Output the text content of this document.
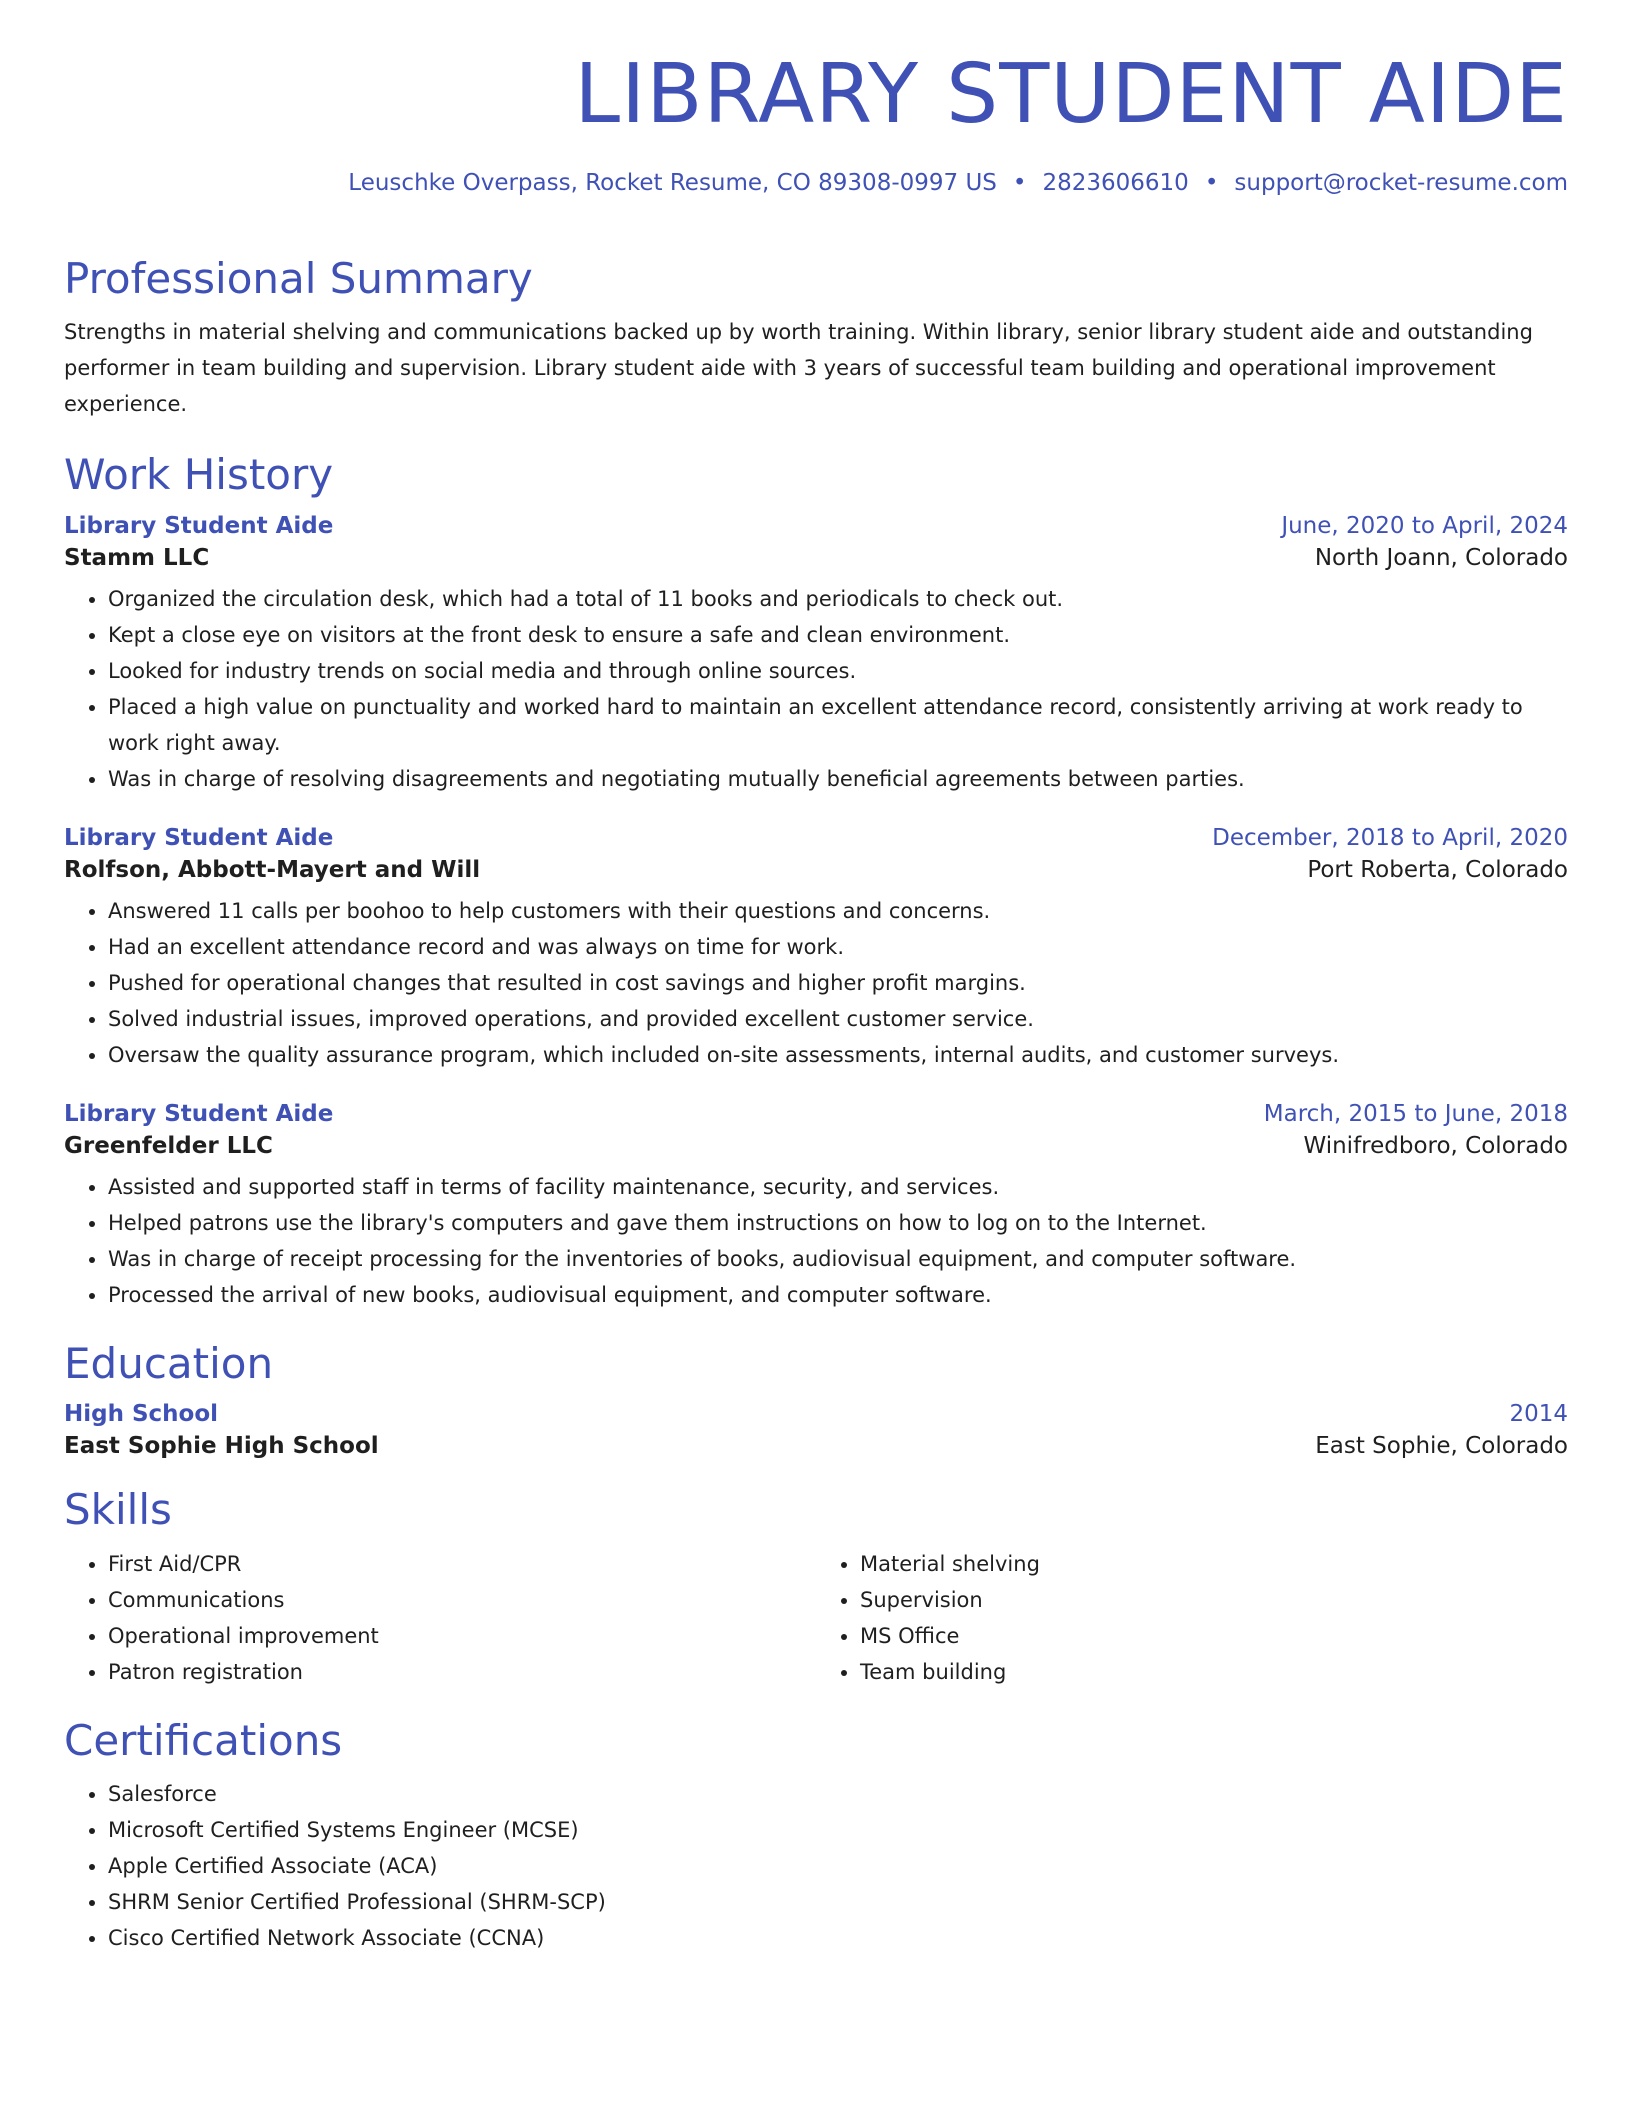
LIBRARY STUDENT AIDE
Leuschke Overpass, Rocket Resume, CO 89308-0997 US • 2823606610 • support@rocket-resume.com
Professional Summary

Strengths in material shelving and communications backed up by worth training. Within library, senior library student aide and outstanding performer in team building and supervision. Library student aide with 3 years of successful team building and operational improvement experience.

Work History
Library Student Aide	June, 2020 to April, 2024
Stamm LLC	North Joann, Colorado
• Organized the circulation desk, which had a total of 11 books and periodicals to check out.
• Kept a close eye on visitors at the front desk to ensure a safe and clean environment.
• Looked for industry trends on social media and through online sources.
• Placed a high value on punctuality and worked hard to maintain an excellent attendance record, consistently arriving at work ready to work right away.
• Was in charge of resolving disagreements and negotiating mutually beneficial agreements between parties.
Library Student Aide	December, 2018 to April, 2020
Rolfson, Abbott-Mayert and Will	Port Roberta, Colorado
• Answered 11 calls per boohoo to help customers with their questions and concerns.
• Had an excellent attendance record and was always on time for work.
• Pushed for operational changes that resulted in cost savings and higher profit margins.
• Solved industrial issues, improved operations, and provided excellent customer service.
• Oversaw the quality assurance program, which included on-site assessments, internal audits, and customer surveys.
Library Student Aide	March, 2015 to June, 2018
Greenfelder LLC	Winifredboro, Colorado
• Assisted and supported staff in terms of facility maintenance, security, and services.
• Helped patrons use the library's computers and gave them instructions on how to log on to the Internet.
• Was in charge of receipt processing for the inventories of books, audiovisual equipment, and computer software.
• Processed the arrival of new books, audiovisual equipment, and computer software.
Education
High School	2014
East Sophie High School	East Sophie, Colorado
Skills
• First Aid/CPR
• Communications
• Operational improvement
• Patron registration
• Material shelving
• Supervision
• MS Office
• Team building
Certifications
• Salesforce
• Microsoft Certified Systems Engineer (MCSE)
• Apple Certified Associate (ACA)
• SHRM Senior Certified Professional (SHRM-SCP)
• Cisco Certified Network Associate (CCNA)
